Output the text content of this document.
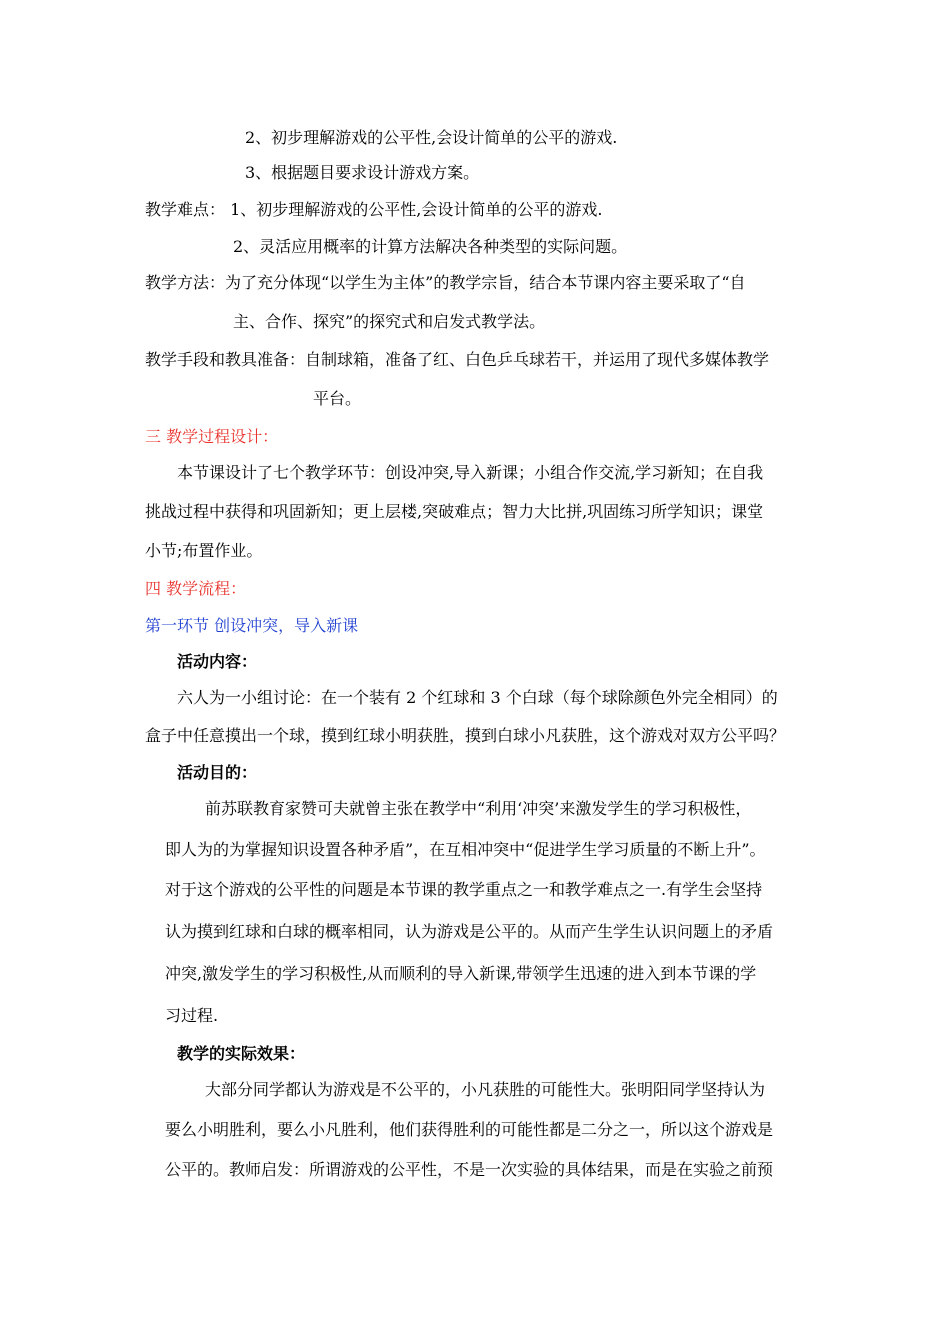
2、初步理解游戏的公平性,会设计简单的公平的游戏.
3、根据题目要求设计游戏方案。
教学难点： 1、初步理解游戏的公平性,会设计简单的公平的游戏.
2、灵活应用概率的计算方法解决各种类型的实际问题。
教学方法：为了充分体现“以学生为主体”的教学宗旨，结合本节课内容主要采取了“自
主、合作、探究”的探究式和启发式教学法。
教学手段和教具准备：自制球箱，准备了红、白色乒乓球若干，并运用了现代多媒体教学
平台。
三 教学过程设计：
本节课设计了七个教学环节：创设冲突,导入新课；小组合作交流,学习新知；在自我
挑战过程中获得和巩固新知；更上层楼,突破难点；智力大比拼,巩固练习所学知识；课堂
小节;布置作业。
四 教学流程：
第一环节 创设冲突，导入新课
活动内容：
六人为一小组讨论：在一个装有 2 个红球和 3 个白球（每个球除颜色外完全相同）的
盒子中任意摸出一个球，摸到红球小明获胜，摸到白球小凡获胜，这个游戏对双方公平吗？
活动目的：
前苏联教育家赞可夫就曾主张在教学中“利用‘冲突’来激发学生的学习积极性，
即人为的为掌握知识设置各种矛盾”，在互相冲突中“促进学生学习质量的不断上升”。
对于这个游戏的公平性的问题是本节课的教学重点之一和教学难点之一.有学生会坚持
认为摸到红球和白球的概率相同，认为游戏是公平的。从而产生学生认识问题上的矛盾
冲突,激发学生的学习积极性,从而顺利的导入新课,带领学生迅速的进入到本节课的学
习过程.
教学的实际效果：
大部分同学都认为游戏是不公平的，小凡获胜的可能性大。张明阳同学坚持认为
要么小明胜利，要么小凡胜利，他们获得胜利的可能性都是二分之一，所以这个游戏是
公平的。教师启发：所谓游戏的公平性，不是一次实验的具体结果，而是在实验之前预
